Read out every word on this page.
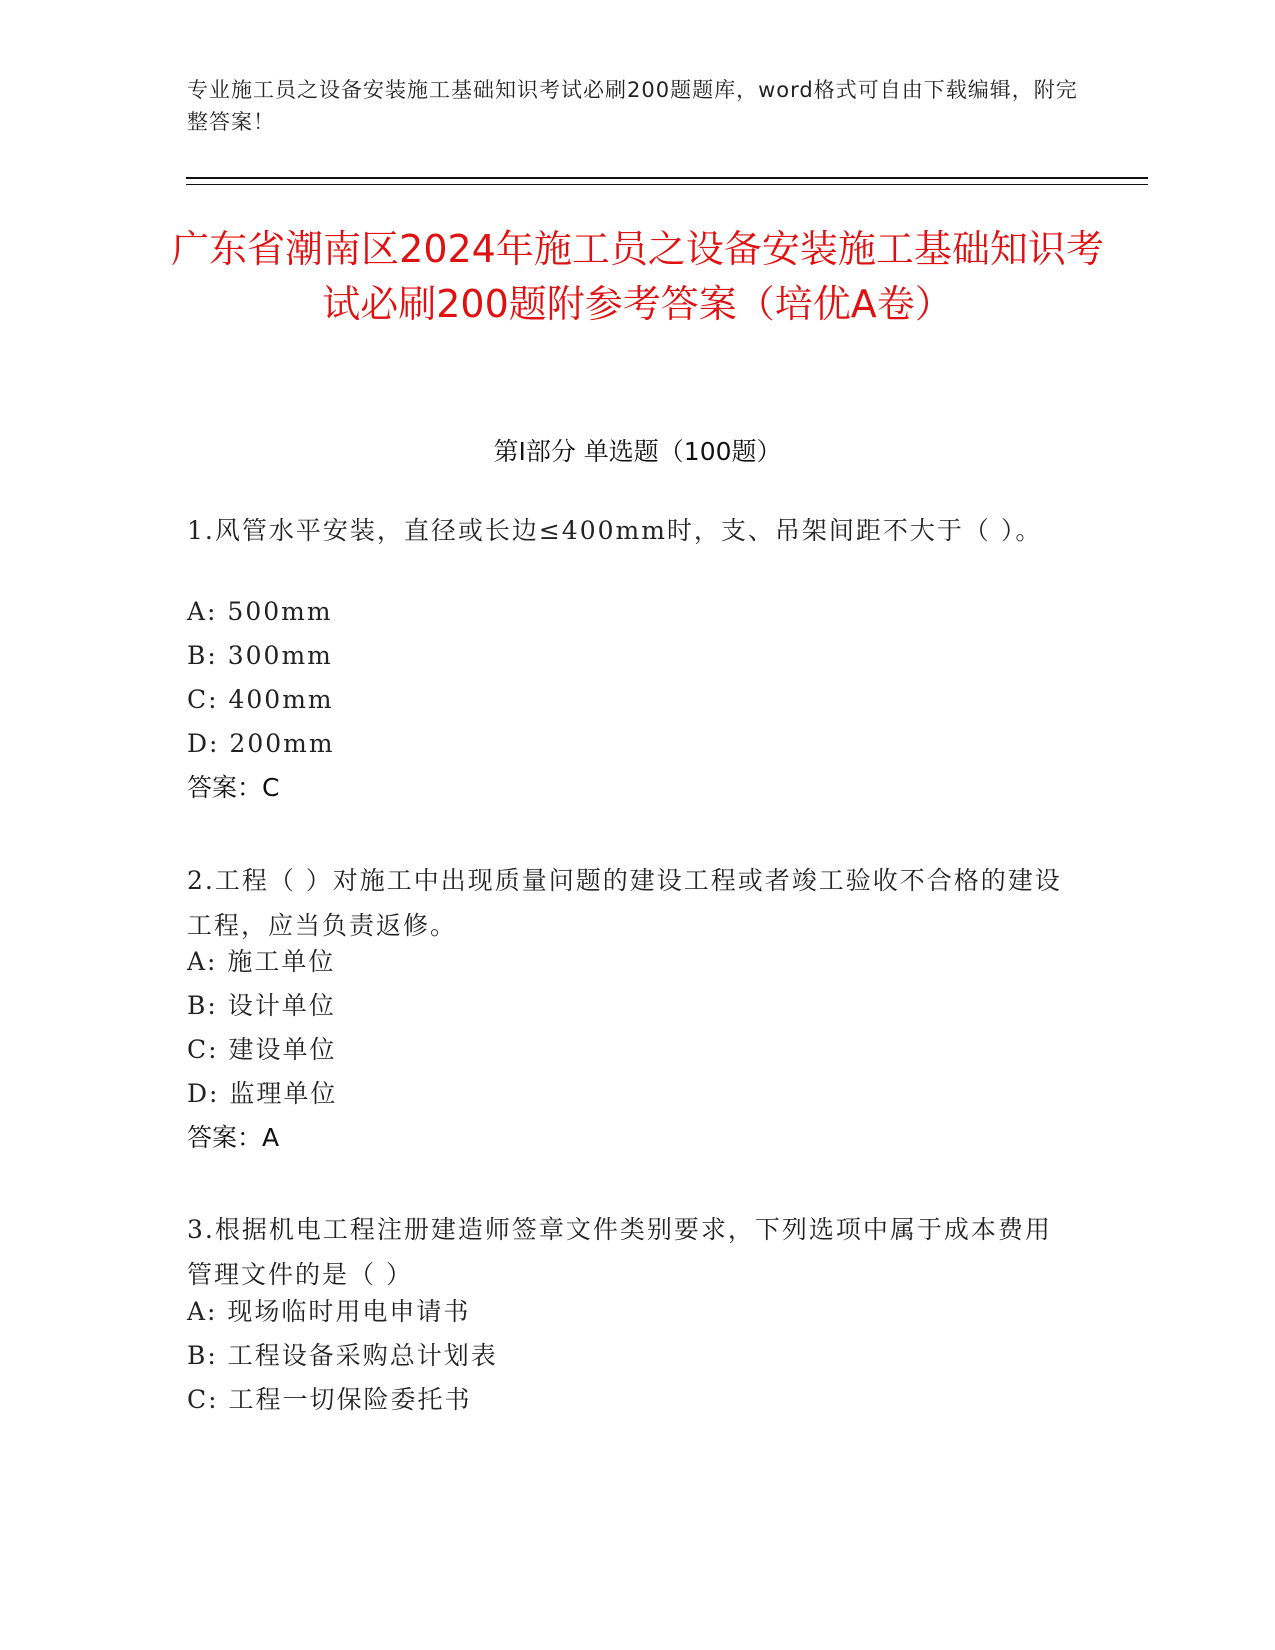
专业施工员之设备安装施工基础知识考试必刷200题题库，word格式可自由下载编辑，附完整答案！
广东省潮南区2024年施工员之设备安装施工基础知识考试必刷200题附参考答案（培优A卷）
第Ⅰ部分 单选题（100题）
1.风管水平安装，直径或长边≤400mm时，支、吊架间距不大于（ ）。
A: 500mm
B: 300mm
C: 400mm
D: 200mm
答案：C
2.工程（ ）对施工中出现质量问题的建设工程或者竣工验收不合格的建设工程，应当负责返修。
A: 施工单位
B: 设计单位
C: 建设单位
D: 监理单位
答案：A
3.根据机电工程注册建造师签章文件类别要求，下列选项中属于成本费用管理文件的是（ ）
A: 现场临时用电申请书
B: 工程设备采购总计划表
C: 工程一切保险委托书
